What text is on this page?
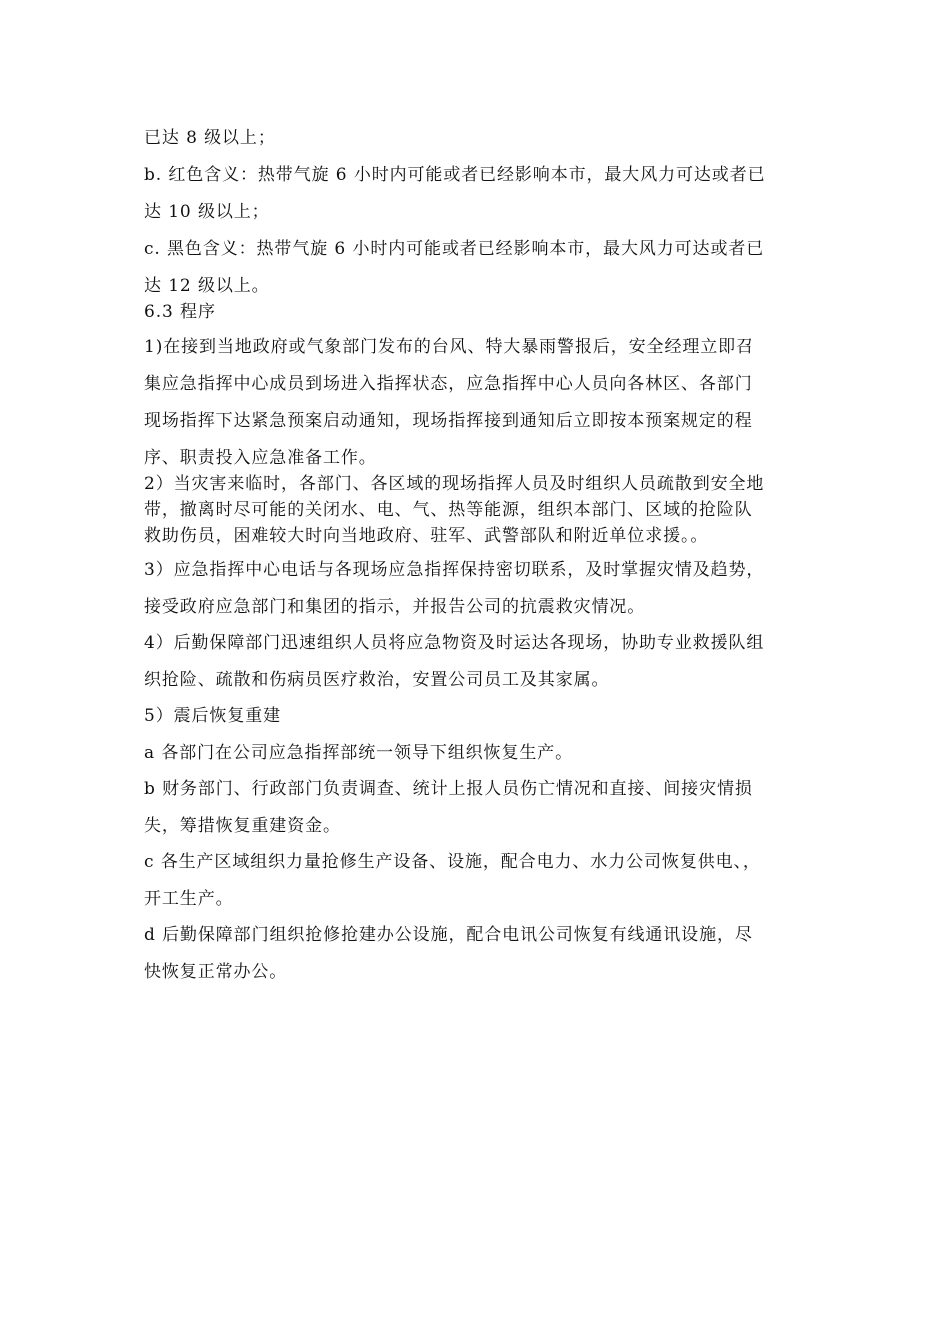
已达 8 级以上；
b. 红色含义：热带气旋 6 小时内可能或者已经影响本市，最大风力可达或者已
达 10 级以上；
c. 黑色含义：热带气旋 6 小时内可能或者已经影响本市，最大风力可达或者已
达 12 级以上。
6.3 程序
1)在接到当地政府或气象部门发布的台风、特大暴雨警报后，安全经理立即召
集应急指挥中心成员到场进入指挥状态，应急指挥中心人员向各林区、各部门
现场指挥下达紧急预案启动通知，现场指挥接到通知后立即按本预案规定的程
序、职责投入应急准备工作。
2）当灾害来临时，各部门、各区域的现场指挥人员及时组织人员疏散到安全地
带，撤离时尽可能的关闭水、电、气、热等能源，组织本部门、区域的抢险队
救助伤员，困难较大时向当地政府、驻军、武警部队和附近单位求援。。
3）应急指挥中心电话与各现场应急指挥保持密切联系，及时掌握灾情及趋势，
接受政府应急部门和集团的指示，并报告公司的抗震救灾情况。
4）后勤保障部门迅速组织人员将应急物资及时运达各现场，协助专业救援队组
织抢险、疏散和伤病员医疗救治，安置公司员工及其家属。
5）震后恢复重建
a 各部门在公司应急指挥部统一领导下组织恢复生产。
b 财务部门、行政部门负责调查、统计上报人员伤亡情况和直接、间接灾情损
失，筹措恢复重建资金。
c 各生产区域组织力量抢修生产设备、设施，配合电力、水力公司恢复供电、，
开工生产。
d 后勤保障部门组织抢修抢建办公设施，配合电讯公司恢复有线通讯设施，尽
快恢复正常办公。
